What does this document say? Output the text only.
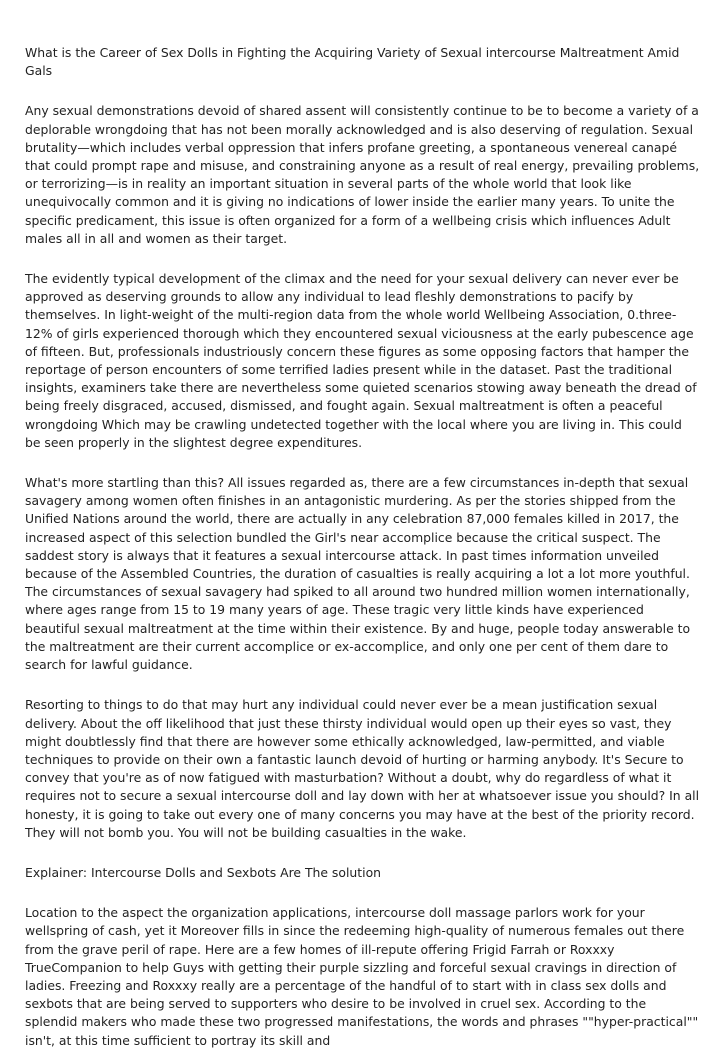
What is the Career of Sex Dolls in Fighting the Acquiring Variety of Sexual intercourse Maltreatment Amid Gals

Any sexual demonstrations devoid of shared assent will consistently continue to be to become a variety of a deplorable wrongdoing that has not been morally acknowledged and is also deserving of regulation. Sexual brutality—which includes verbal oppression that infers profane greeting, a spontaneous venereal canapé that could prompt rape and misuse, and constraining anyone as a result of real energy, prevailing problems, or terrorizing—is in reality an important situation in several parts of the whole world that look like unequivocally common and it is giving no indications of lower inside the earlier many years. To unite the specific predicament, this issue is often organized for a form of a wellbeing crisis which influences Adult males all in all and women as their target.

The evidently typical development of the climax and the need for your sexual delivery can never ever be approved as deserving grounds to allow any individual to lead fleshly demonstrations to pacify by themselves. In light-weight of the multi-region data from the whole world Wellbeing Association, 0.three-12% of girls experienced thorough which they encountered sexual viciousness at the early pubescence age of fifteen. But, professionals industriously concern these figures as some opposing factors that hamper the reportage of person encounters of some terrified ladies present while in the dataset. Past the traditional insights, examiners take there are nevertheless some quieted scenarios stowing away beneath the dread of being freely disgraced, accused, dismissed, and fought again. Sexual maltreatment is often a peaceful wrongdoing Which may be crawling undetected together with the local where you are living in. This could be seen properly in the slightest degree expenditures.

What's more startling than this? All issues regarded as, there are a few circumstances in-depth that sexual savagery among women often finishes in an antagonistic murdering. As per the stories shipped from the Unified Nations around the world, there are actually in any celebration 87,000 females killed in 2017, the increased aspect of this selection bundled the Girl's near accomplice because the critical suspect. The saddest story is always that it features a sexual intercourse attack. In past times information unveiled because of the Assembled Countries, the duration of casualties is really acquiring a lot a lot more youthful. The circumstances of sexual savagery had spiked to all around two hundred million women internationally, where ages range from 15 to 19 many years of age. These tragic very little kinds have experienced beautiful sexual maltreatment at the time within their existence. By and huge, people today answerable to the maltreatment are their current accomplice or ex-accomplice, and only one per cent of them dare to search for lawful guidance.

Resorting to things to do that may hurt any individual could never ever be a mean justification sexual delivery. About the off likelihood that just these thirsty individual would open up their eyes so vast, they might doubtlessly find that there are however some ethically acknowledged, law-permitted, and viable techniques to provide on their own a fantastic launch devoid of hurting or harming anybody. It's Secure to convey that you're as of now fatigued with masturbation? Without a doubt, why do regardless of what it requires not to secure a sexual intercourse doll and lay down with her at whatsoever issue you should? In all honesty, it is going to take out every one of many concerns you may have at the best of the priority record. They will not bomb you. You will not be building casualties in the wake.

Explainer: Intercourse Dolls and Sexbots Are The solution

Location to the aspect the organization applications, intercourse doll massage parlors work for your wellspring of cash, yet it Moreover fills in since the redeeming high-quality of numerous females out there from the grave peril of rape. Here are a few homes of ill-repute offering Frigid Farrah or Roxxxy TrueCompanion to help Guys with getting their purple sizzling and forceful sexual cravings in direction of ladies. Freezing and Roxxxy really are a percentage of the handful of to start with in class sex dolls and sexbots that are being served to supporters who desire to be involved in cruel sex. According to the splendid makers who made these two progressed manifestations, the words and phrases ""hyper-practical"" isn't, at this time sufficient to portray its skill and
